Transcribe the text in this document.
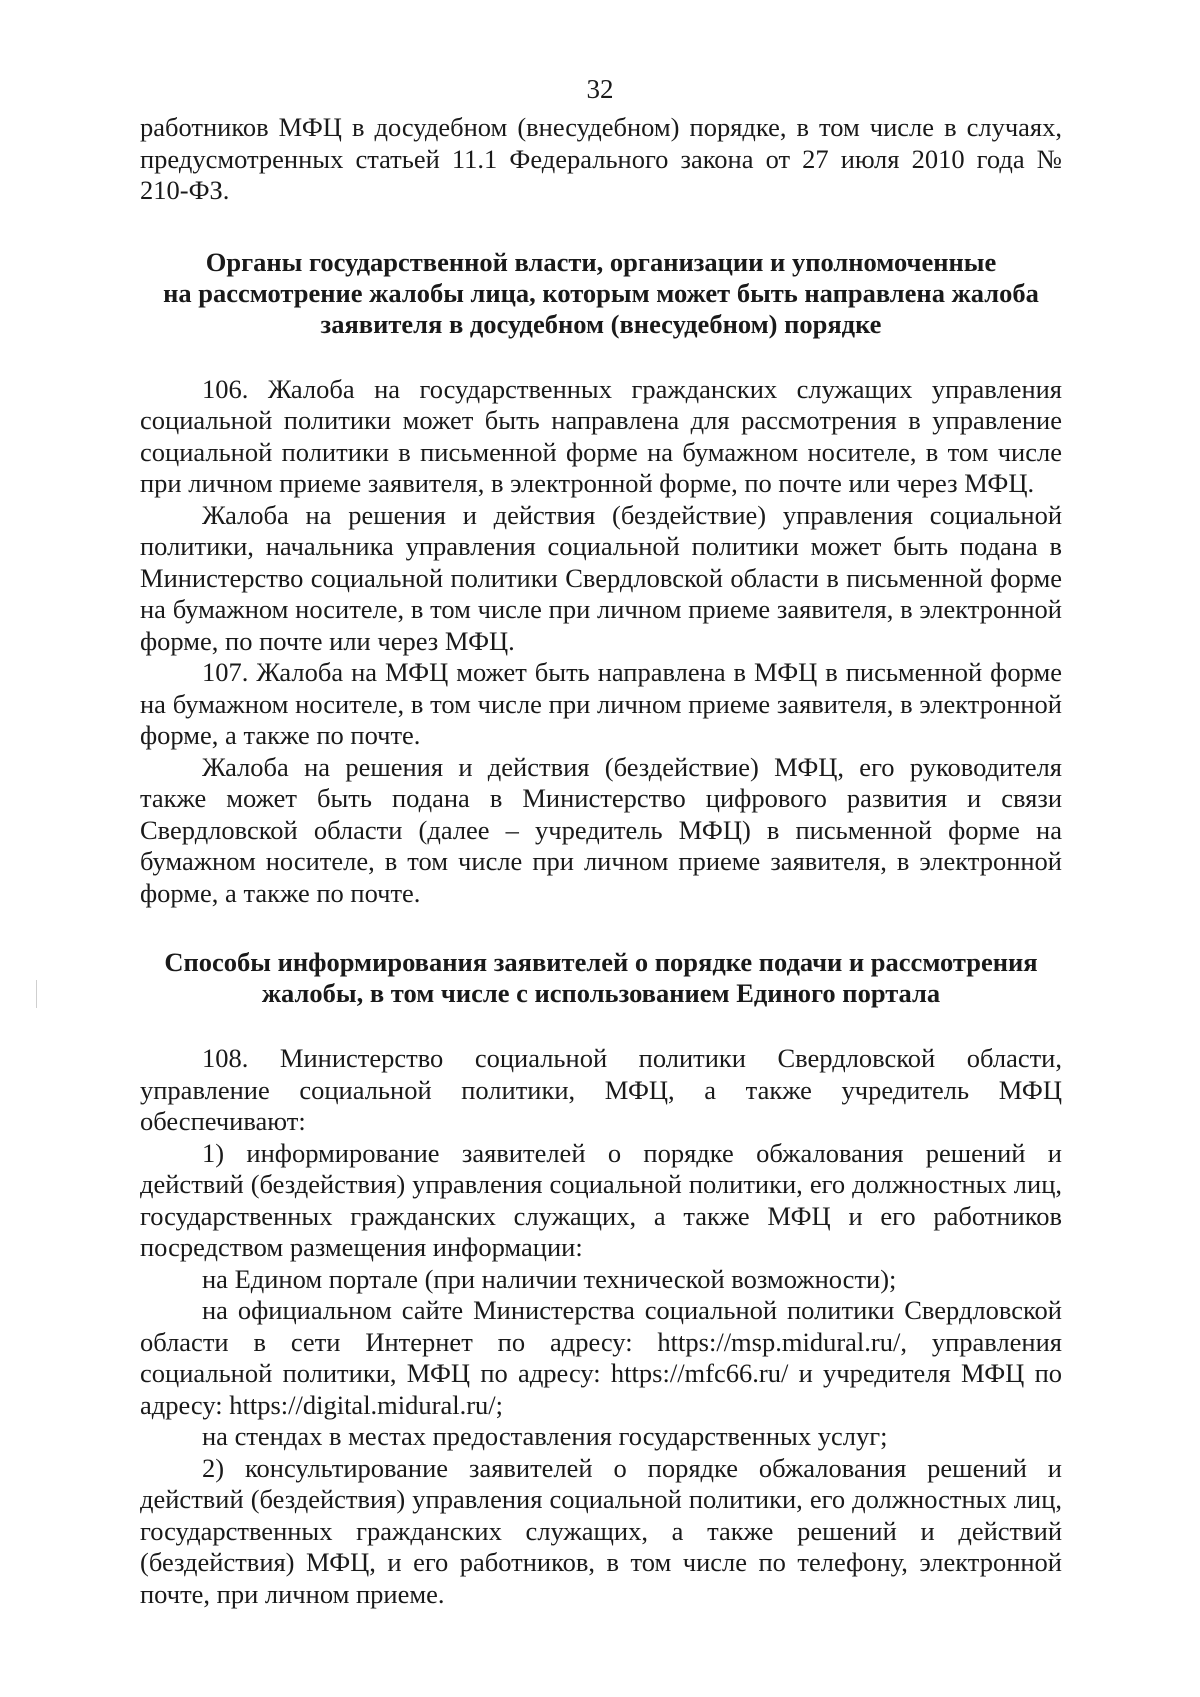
32

работников МФЦ в досудебном (внесудебном) порядке, в том числе в случаях, предусмотренных статьей 11.1 Федерального закона от 27 июля 2010 года № 210-ФЗ.

Органы государственной власти, организации и уполномоченные
на рассмотрение жалобы лица, которым может быть направлена жалоба
заявителя в досудебном (внесудебном) порядке

106. Жалоба на государственных гражданских служащих управления социальной политики может быть направлена для рассмотрения в управление социальной политики в письменной форме на бумажном носителе, в том числе при личном приеме заявителя, в электронной форме, по почте или через МФЦ.

Жалоба на решения и действия (бездействие) управления социальной политики, начальника управления социальной политики может быть подана в Министерство социальной политики Свердловской области в письменной форме на бумажном носителе, в том числе при личном приеме заявителя, в электронной форме, по почте или через МФЦ.

107. Жалоба на МФЦ может быть направлена в МФЦ в письменной форме на бумажном носителе, в том числе при личном приеме заявителя, в электронной форме, а также по почте.

Жалоба на решения и действия (бездействие) МФЦ, его руководителя также может быть подана в Министерство цифрового развития и связи Свердловской области (далее – учредитель МФЦ) в письменной форме на бумажном носителе, в том числе при личном приеме заявителя, в электронной форме, а также по почте.

Способы информирования заявителей о порядке подачи и рассмотрения
жалобы, в том числе с использованием Единого портала

108. Министерство социальной политики Свердловской области, управление социальной политики, МФЦ, а также учредитель МФЦ обеспечивают:

1) информирование заявителей о порядке обжалования решений и действий (бездействия) управления социальной политики, его должностных лиц, государственных гражданских служащих, а также МФЦ и его работников посредством размещения информации:

на Едином портале (при наличии технической возможности);

на официальном сайте Министерства социальной политики Свердловской области в сети Интернет по адресу: https://msp.midural.ru/, управления социальной политики, МФЦ по адресу: https://mfc66.ru/ и учредителя МФЦ по адресу: https://digital.midural.ru/;

на стендах в местах предоставления государственных услуг;

2) консультирование заявителей о порядке обжалования решений и действий (бездействия) управления социальной политики, его должностных лиц, государственных гражданских служащих, а также решений и действий (бездействия) МФЦ, и его работников, в том числе по телефону, электронной почте, при личном приеме.
